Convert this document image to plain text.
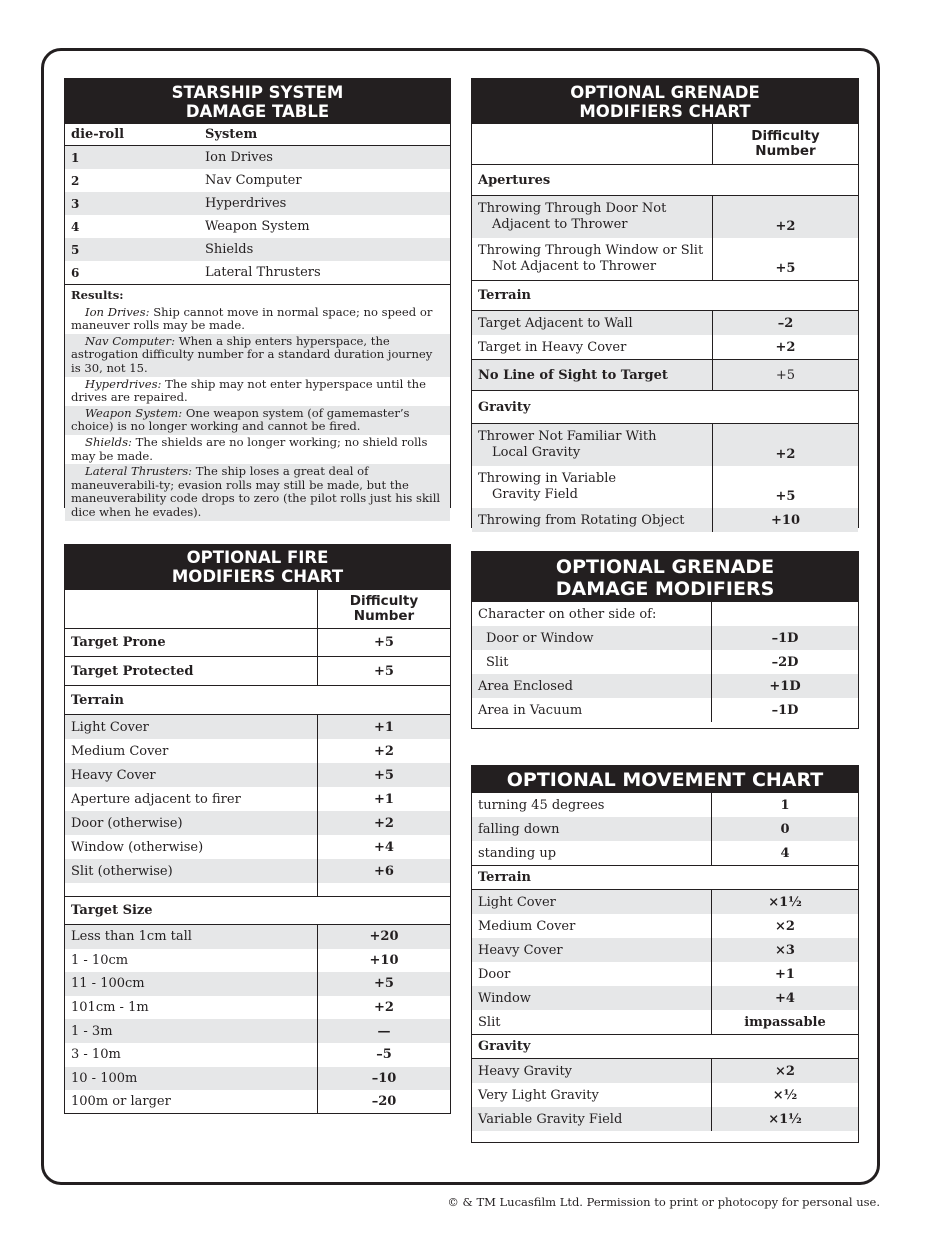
STARSHIP SYSTEM
DAMAGE TABLE
die-roll	System
1	Ion Drives
2	Nav Computer
3	Hyperdrives
4	Weapon System
5	Shields
6	Lateral Thrusters

Results:

Ion Drives: Ship cannot move in normal space; no speed or maneuver rolls may be made.

Nav Computer: When a ship enters hyperspace, the astrogation difficulty number for a standard duration journey is 30, not 15.

Hyperdrives: The ship may not enter hyperspace until the drives are repaired.

Weapon System: One weapon system (of gamemaster’s choice) is no longer working and cannot be fired.

Shields: The shields are no longer working; no shield rolls may be made.

Lateral Thrusters: The ship loses a great deal of maneuverabili-ty; evasion rolls may still be made, but the maneuverability code drops to zero (the pilot rolls just his skill dice when he evades).

OPTIONAL FIRE
MODIFIERS CHART
Difficulty
Number
Target Prone	+5
Target Protected	+5
Terrain
Light Cover	+1
Medium Cover	+2
Heavy Cover	+5
Aperture adjacent to firer	+1
Door (otherwise)	+2
Window (otherwise)	+4
Slit (otherwise)	+6
Target Size
Less than 1cm tall	+20
1 - 10cm	+10
11 - 100cm	+5
101cm - 1m	+2
1 - 3m	—
3 - 10m	–5
10 - 100m	–10
100m or larger	–20
OPTIONAL GRENADE
MODIFIERS CHART
Difficulty
Number
Apertures
Throwing Through Door Not
Adjacent to Thrower	+2
Throwing Through Window or Slit
Not Adjacent to Thrower	+5
Terrain
Target Adjacent to Wall	–2
Target in Heavy Cover	+2
No Line of Sight to Target	+5
Gravity
Thrower Not Familiar With
Local Gravity	+2
Throwing in Variable
Gravity Field	+5
Throwing from Rotating Object	+10
OPTIONAL GRENADE
DAMAGE MODIFIERS
Character on other side of:
Door or Window	–1D
Slit	–2D
Area Enclosed	+1D
Area in Vacuum	–1D
OPTIONAL MOVEMENT CHART
turning 45 degrees	1
falling down	0
standing up	4
Terrain
Light Cover	×1½
Medium Cover	×2
Heavy Cover	×3
Door	+1
Window	+4
Slit	impassable
Gravity
Heavy Gravity	×2
Very Light Gravity	×½
Variable Gravity Field	×1½
© & TM Lucasfilm Ltd. Permission to print or photocopy for personal use.
